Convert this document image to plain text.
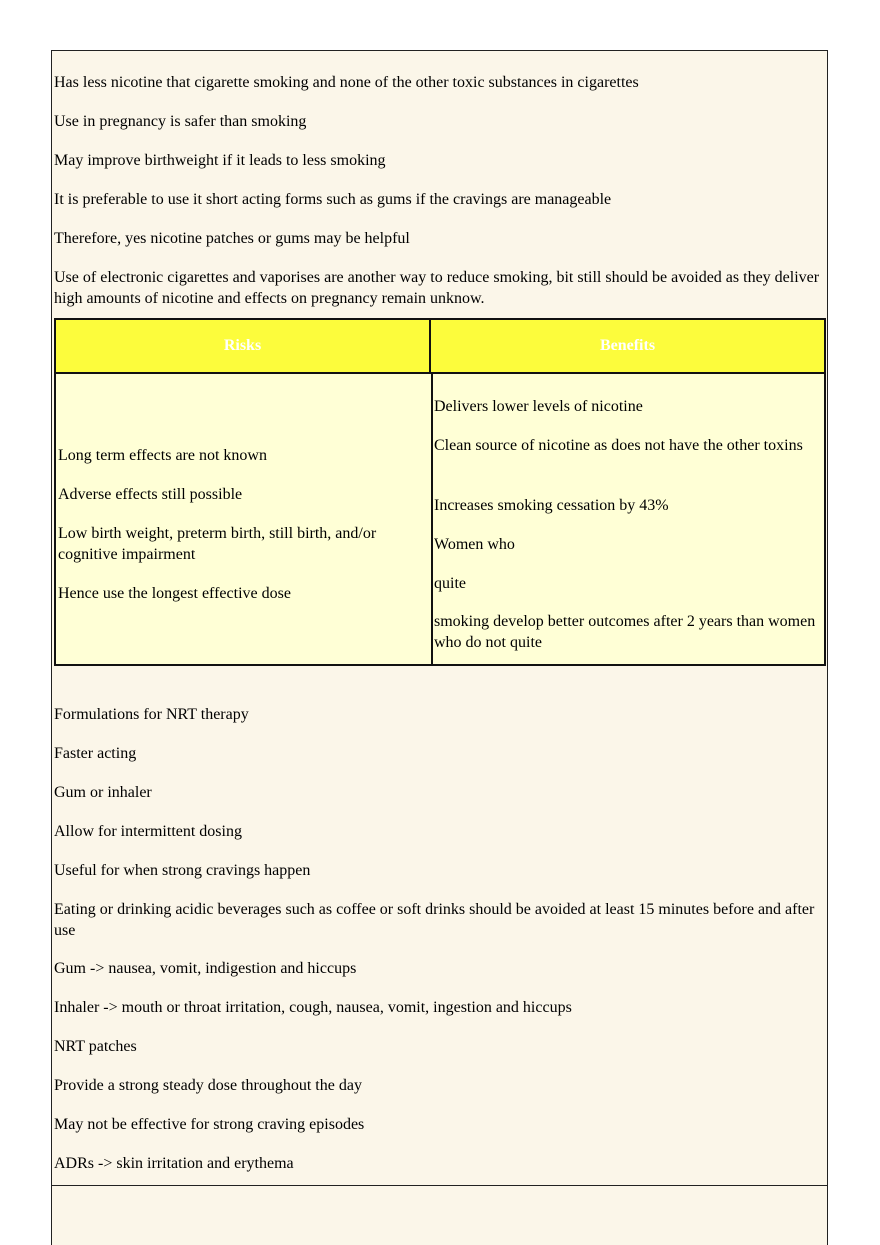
Has less nicotine that cigarette smoking and none of the other toxic substances in cigarettes

Use in pregnancy is safer than smoking

May improve birthweight if it leads to less smoking

It is preferable to use it short acting forms such as gums if the cravings are manageable

Therefore, yes nicotine patches or gums may be helpful

Use of electronic cigarettes and vaporises are another way to reduce smoking, bit still should be avoided as they deliver high amounts of nicotine and effects on pregnancy remain unknow.

Risks	Benefits

Long term effects are not known

Adverse effects still possible

Low birth weight, preterm birth, still birth, and/or cognitive impairment

Hence use the longest effective dose

Delivers lower levels of nicotine

Clean source of nicotine as does not have the other toxins

Increases smoking cessation by 43%

Women who

quite

smoking develop better outcomes after 2 years than women who do not quite

Formulations for NRT therapy

Faster acting

Gum or inhaler

Allow for intermittent dosing

Useful for when strong cravings happen

Eating or drinking acidic beverages such as coffee or soft drinks should be avoided at least 15 minutes before and after use

Gum -> nausea, vomit, indigestion and hiccups

Inhaler -> mouth or throat irritation, cough, nausea, vomit, ingestion and hiccups

NRT patches

Provide a strong steady dose throughout the day

May not be effective for strong craving episodes

ADRs -> skin irritation and erythema
